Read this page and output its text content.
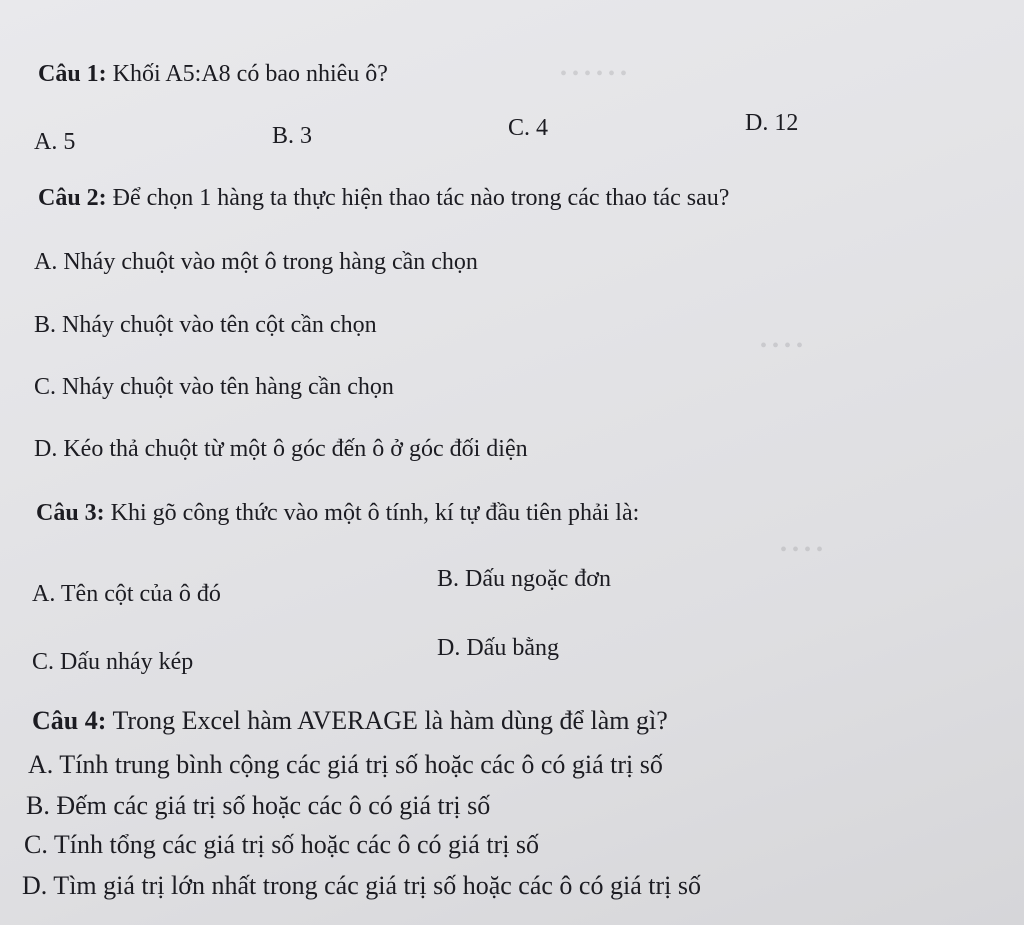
• • • • • •
• • • •
• • • •
Câu 1: Khối A5:A8 có bao nhiêu ô?
A. 5	B. 3	C. 4	D. 12
Câu 2: Để chọn 1 hàng ta thực hiện thao tác nào trong các thao tác sau?
A. Nháy chuột vào một ô trong hàng cần chọn
B. Nháy chuột vào tên cột cần chọn
C. Nháy chuột vào tên hàng cần chọn
D. Kéo thả chuột từ một ô góc đến ô ở góc đối diện
Câu 3: Khi gõ công thức vào một ô tính, kí tự đầu tiên phải là:
A. Tên cột của ô đó
B. Dấu ngoặc đơn
C. Dấu nháy kép
D. Dấu bằng
Câu 4: Trong Excel hàm AVERAGE là hàm dùng để làm gì?
A. Tính trung bình cộng các giá trị số hoặc các ô có giá trị số
B. Đếm các giá trị số hoặc các ô có giá trị số
C. Tính tổng các giá trị số hoặc các ô có giá trị số
D. Tìm giá trị lớn nhất trong các giá trị số hoặc các ô có giá trị số
